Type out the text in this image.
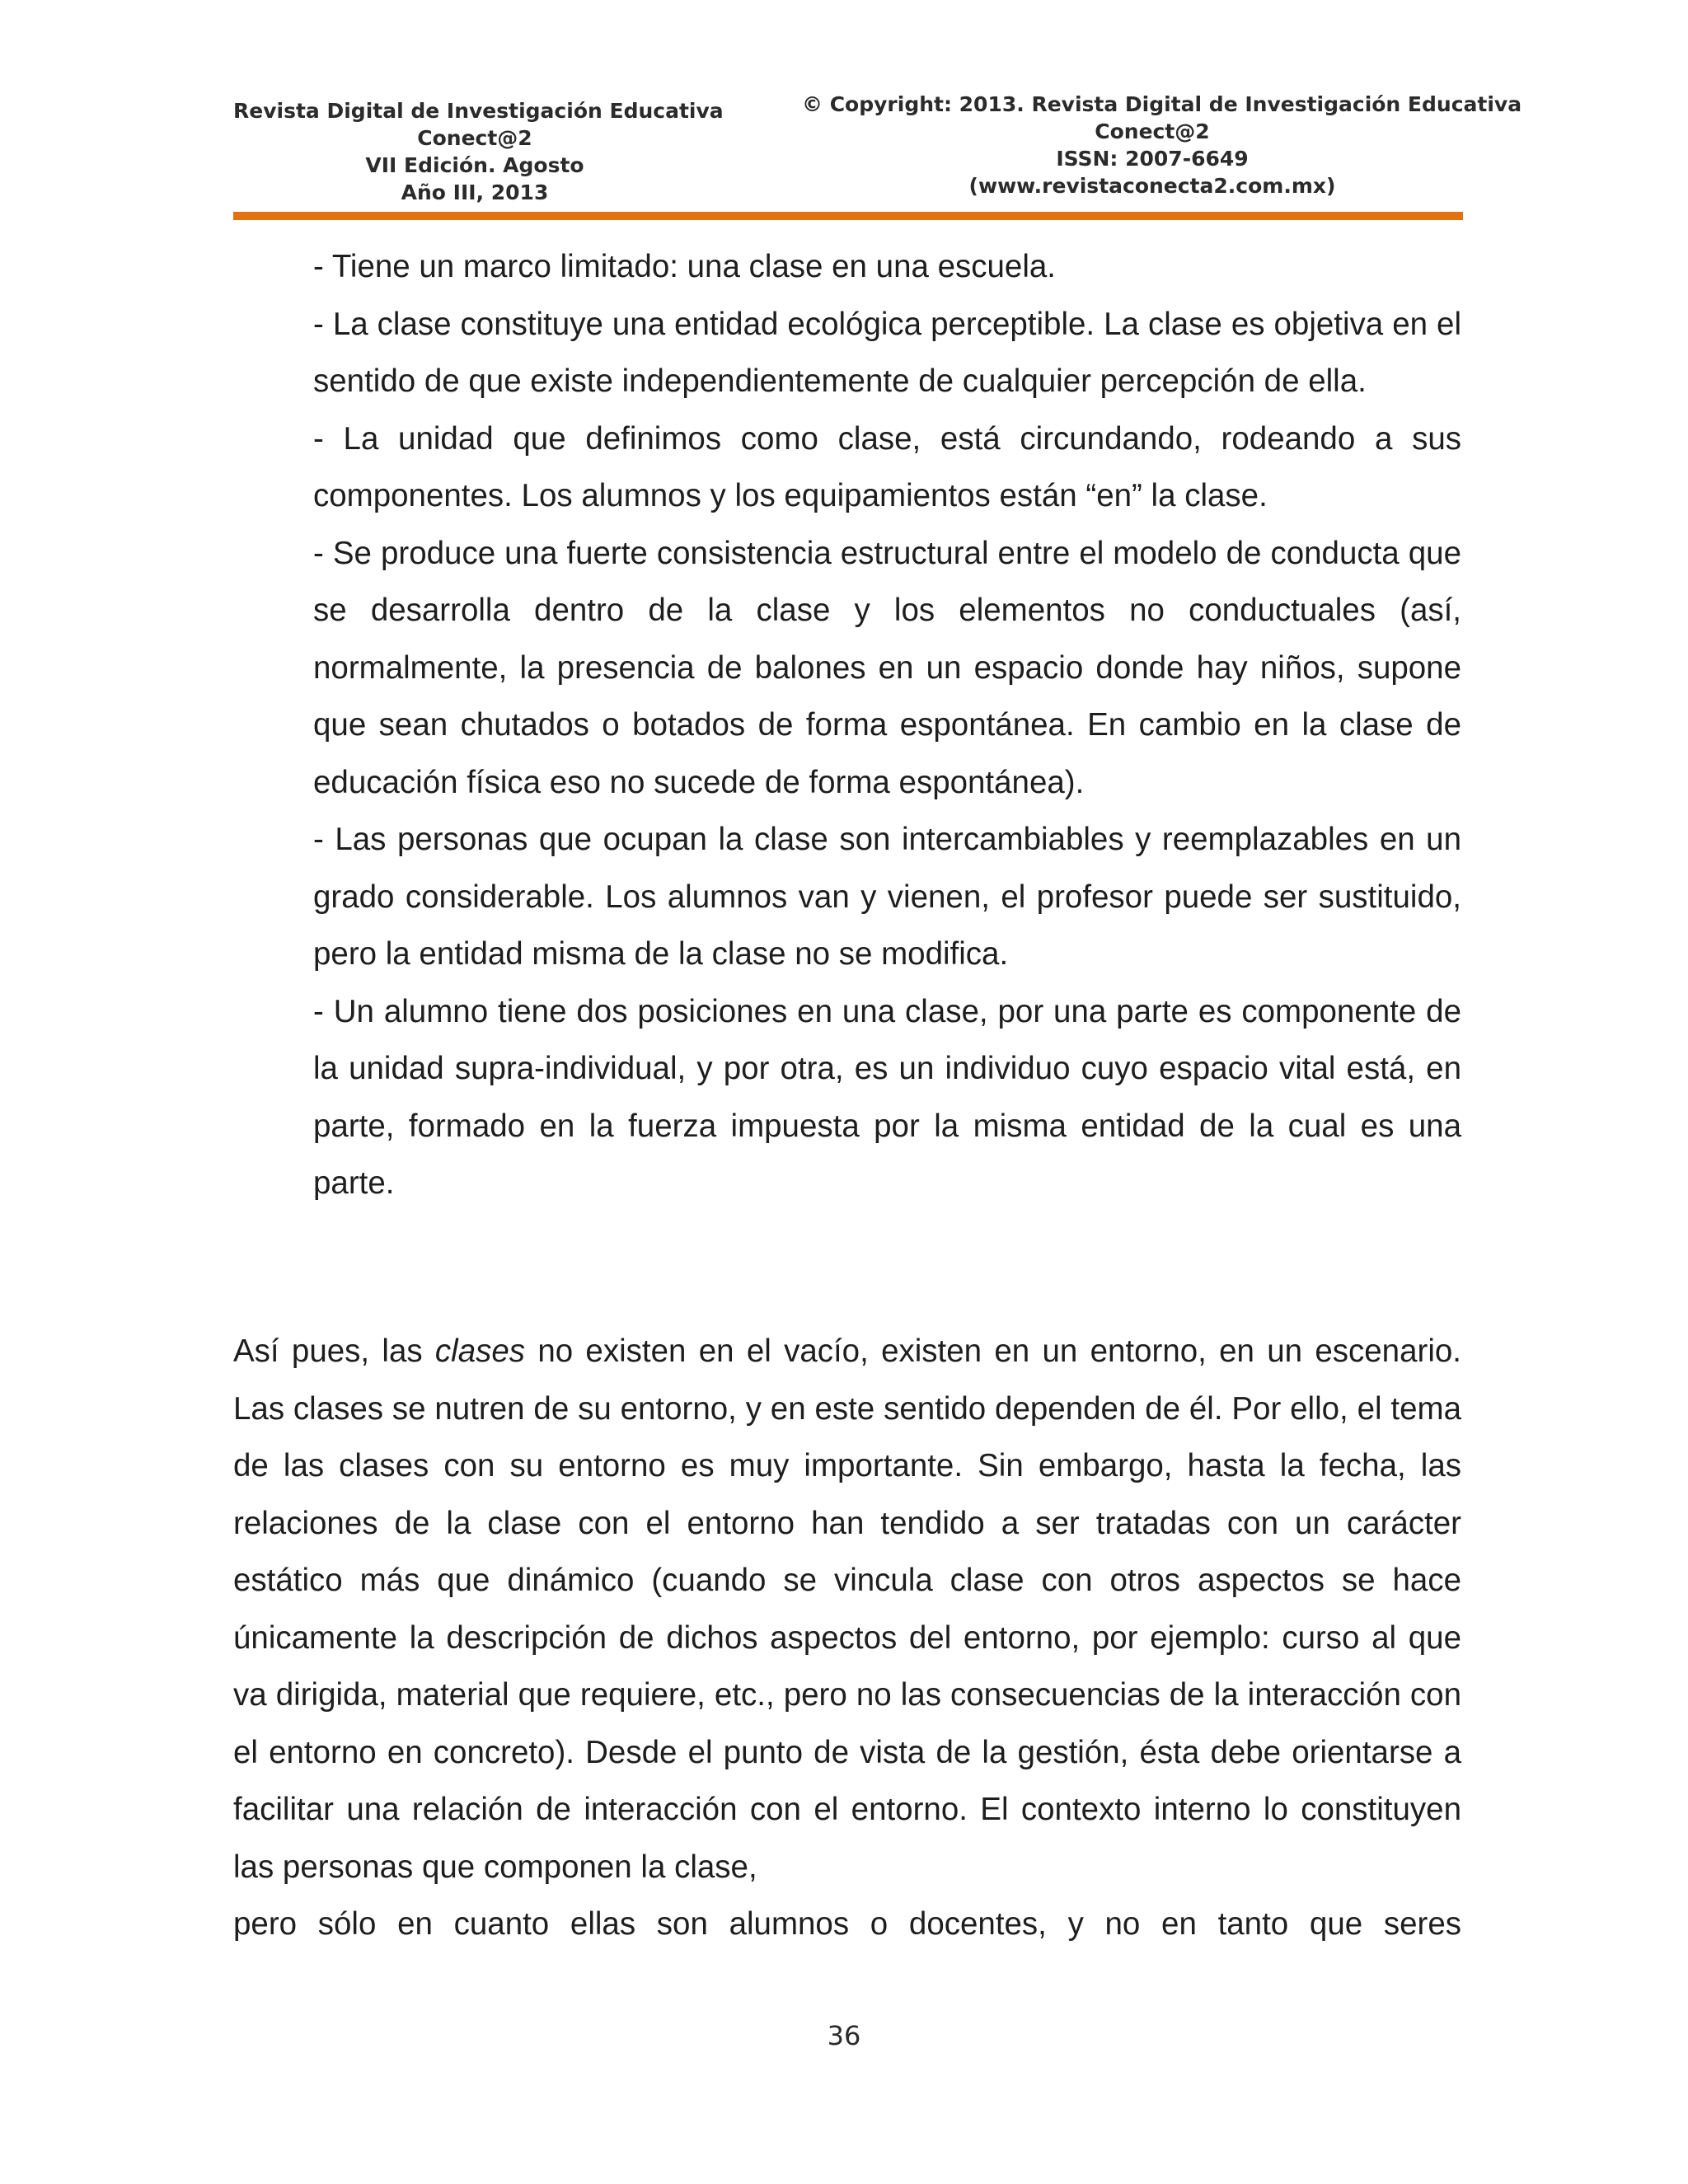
Revista Digital de Investigación Educativa
Conect@2
VII Edición. Agosto
Año III, 2013
© Copyright: 2013. Revista Digital de Investigación Educativa
Conect@2
ISSN: 2007-6649
(www.revistaconecta2.com.mx)

- Tiene un marco limitado: una clase en una escuela.

- La clase constituye una entidad ecológica perceptible. La clase es objetiva en el sentido de que existe independientemente de cualquier percepción de ella.

- La unidad que definimos como clase, está circundando, rodeando a sus componentes. Los alumnos y los equipamientos están “en” la clase.

- Se produce una fuerte consistencia estructural entre el modelo de conducta que se desarrolla dentro de la clase y los elementos no conductuales (así, normalmente, la presencia de balones en un espacio donde hay niños, supone que sean chutados o botados de forma espontánea. En cambio en la clase de educación física eso no sucede de forma espontánea).

- Las personas que ocupan la clase son intercambiables y reemplazables en un grado considerable. Los alumnos van y vienen, el profesor puede ser sustituido, pero la entidad misma de la clase no se modifica.

- Un alumno tiene dos posiciones en una clase, por una parte es componente de la unidad supra-individual, y por otra, es un individuo cuyo espacio vital está, en parte, formado en la fuerza impuesta por la misma entidad de la cual es una parte.

Así pues, las clases no existen en el vacío, existen en un entorno, en un escenario. Las clases se nutren de su entorno, y en este sentido dependen de él. Por ello, el tema de las clases con su entorno es muy importante. Sin embargo, hasta la fecha, las relaciones de la clase con el entorno han tendido a ser tratadas con un carácter estático más que dinámico (cuando se vincula clase con otros aspectos se hace únicamente la descripción de dichos aspectos del entorno, por ejemplo: curso al que va dirigida, material que requiere, etc., pero no las consecuencias de la interacción con el entorno en concreto). Desde el punto de vista de la gestión, ésta debe orientarse a facilitar una relación de interacción con el entorno. El contexto interno lo constituyen las personas que componen la clase,
pero sólo en cuanto ellas son alumnos o docentes, y no en tanto que seres

36
